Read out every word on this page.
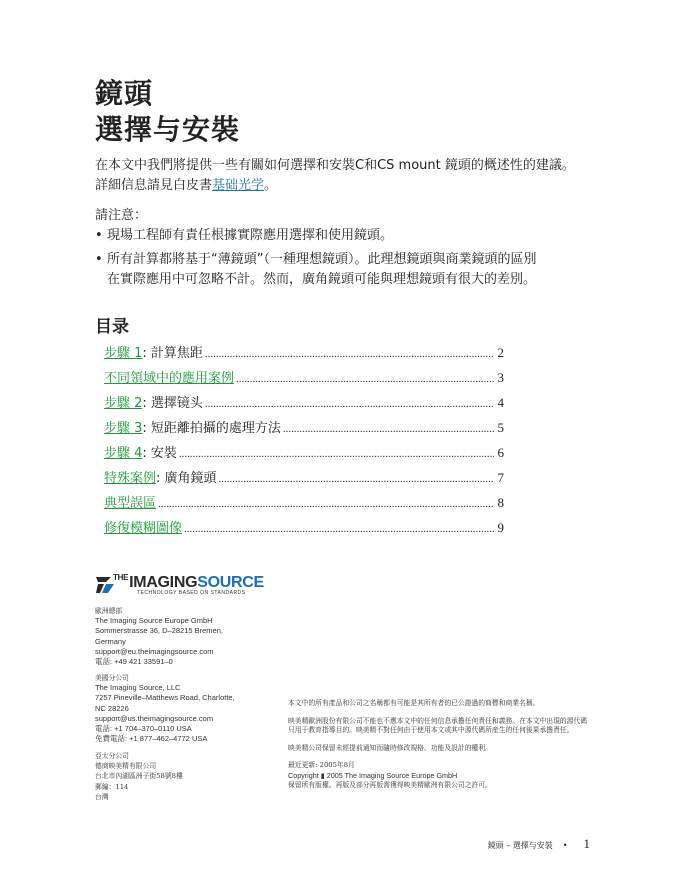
鏡頭
選擇与安裝
在本文中我們將提供一些有關如何選擇和安裝C和CS mount 鏡頭的概述性的建議。
詳細信息請見白皮書基础光学。
請注意：
• 現場工程師有責任根據實際應用選擇和使用鏡頭。
• 所有計算都將基于“薄鏡頭”（一種理想鏡頭）。此理想鏡頭與商業鏡頭的區別
在實際應用中可忽略不計。然而，廣角鏡頭可能與理想鏡頭有很大的差別。
目录
步驟 1 : 計算焦距 .....	2
不同領域中的應用案例 .....	3
步驟 2 : 選擇镜头 .....	4
步驟 3 : 短距離拍攝的處理方法 .....	5
步驟 4 : 安裝 .....	6
特殊案例 : 廣角鏡頭 .....	7
典型誤區 .....	8
修復模糊圖像 .....	9
$^{THE}$IMAGINGSOURCE
TECHNOLOGY BASED ON STANDARDS
歐洲總部
The Imaging Source Europe GmbH
Sommerstrasse 36, D–28215 Bremen,
Germany
support@eu.theimagingsource.com
電話: +49 421 33591–0
美國分公司
The Imaging Source, LLC
7257 Pineville–Matthews Road, Charlotte,
NC 28226
support@us.theimagingsource.com
電話: +1 704–370–0110 USA
免費電話: +1 877–462–4772 USA
亞太分公司
德商映美精有限公司
台北市內湖區洲子街58號8樓
郵編：114
台灣

本文中的所有產品和公司之名稱都有可能是其所有者的已公證過的商標和商業名稱。

映美精歐洲股份有限公司不能也不應本文中的任何信息承擔任何責任和義務。在本文中出現的源代碼只用于教育指導目的。映美精不對任何由于使用本文或其中源代碼所産生的任何後果承擔責任。

映美精公司保留未經提前通知而隨時修改規格、功能及設計的權利。

最近更新: 2005年8月
Copyright ▮ 2005 The Imaging Source Europe GmbH
保留所有版權。再版及部分再版需獲得映美精歐洲有限公司之許可。
鏡頭 – 選擇与安裝 • 1
